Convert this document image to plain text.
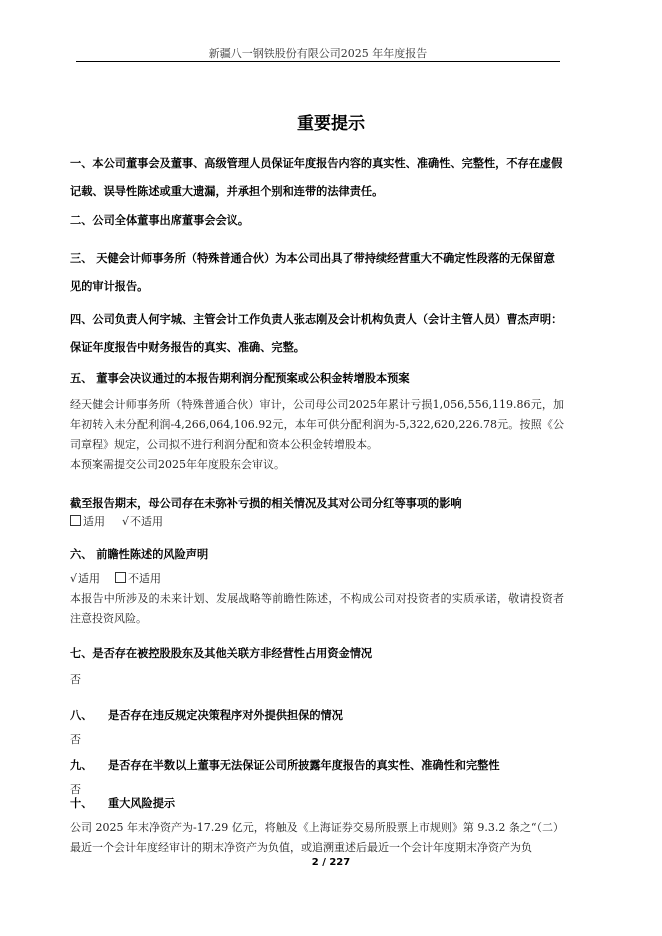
新疆八一钢铁股份有限公司2025 年年度报告
重要提示

一、本公司董事会及董事、高级管理人员保证年度报告内容的真实性、准确性、完整性，不存在虚假记载、误导性陈述或重大遗漏，并承担个别和连带的法律责任。

二、公司全体董事出席董事会会议。

三、 天健会计师事务所（特殊普通合伙）为本公司出具了带持续经营重大不确定性段落的无保留意见的审计报告。

四、公司负责人何宇城、主管会计工作负责人张志刚及会计机构负责人（会计主管人员）曹杰声明：保证年度报告中财务报告的真实、准确、完整。

五、 董事会决议通过的本报告期利润分配预案或公积金转增股本预案

经天健会计师事务所（特殊普通合伙）审计，公司母公司2025年累计亏损1,056,556,119.86元，加年初转入未分配利润-4,266,064,106.92元，本年可供分配利润为-5,322,620,226.78元。按照《公司章程》规定，公司拟不进行利润分配和资本公积金转增股本。

本预案需提交公司2025年年度股东会审议。

截至报告期末，母公司存在未弥补亏损的相关情况及其对公司分红等事项的影响

适用 √不适用

六、 前瞻性陈述的风险声明

√适用	不适用

本报告中所涉及的未来计划、发展战略等前瞻性陈述，不构成公司对投资者的实质承诺，敬请投资者注意投资风险。

七、是否存在被控股股东及其他关联方非经营性占用资金情况

否

八、    是否存在违反规定决策程序对外提供担保的情况

否

九、    是否存在半数以上董事无法保证公司所披露年度报告的真实性、准确性和完整性

否

十、    重大风险提示

公司 2025 年末净资产为-17.29 亿元，将触及《上海证券交易所股票上市规则》第 9.3.2 条之“（二）最近一个会计年度经审计的期末净资产为负值，或追溯重述后最近一个会计年度期末净资产为负

2 / 227
